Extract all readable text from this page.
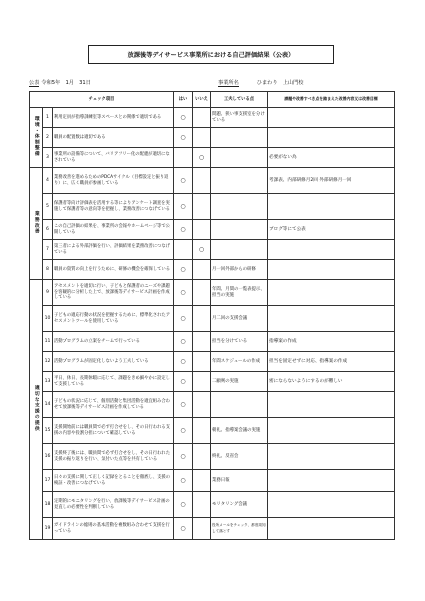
放課後等デイサービス事業所における自己評価結果（公表）
公表 令和5年　1月　31日	事業所名	ひまわり　上山門校
チェック項目			はい	いいえ	工夫している点	課題や改善すべき点を踏まえた改善内容又は改善目標
環境・体制整備	1	利用定員が指導訓練室等スペースとの関係で適切である	○		問題、狭い事支援室を分けている	
	2	職員の配置数は適切である	○			
	3	事業所の設備等について、バリアフリー化の配慮が適切になされている		○		必要がない為
業務改善	4	業務改善を進めるためのPDCAサイクル（目標設定と振り返り）に、広く職員が参画している	○			考課表、内部研修月2回 外部研修月一回
	5	保護者等向け評価表を活用する等によりアンケート調査を実施して保護者等の意向等を把握し、業務改善につなげている	○			
	6	この自己評価の結果を、事業所の会報やホームページ等で公開している	○			ブログ等にて公表
	7	第三者による外部評価を行い、評価結果を業務改善につなげている		○		
	8	職員の資質の向上を行うために、研修の機会を確保している	○		月一回外部からの研修	
適切な支援の提供	9	アセスメントを適切に行い、子どもと保護者のニーズや課題を客観的に分析した上で、放課後等デイサービス計画を作成している	○		年間、月間の一覧表提示、担当の実施	
	10	子どもの適応行動の状況を把握するために、標準化されたアセスメントツールを使用している	○		月二回の支援会議	
	11	活動プログラムの立案をチームで行っている	○		担当を分けている	指導案の作成
	12	活動プログラムが固定化しないよう工夫している	○		年間スケジュールの作成	担当を固定せずに対応、指導案の作成
	13	平日、休日、長期休暇に応じて、課題をきめ細やかに設定して支援している	○		二顧剣の実施	密にならないようにするのが難しい
	14	子どもの状況に応じて、個別活動と集団活動を適宜組み合わせて放課後等デイサービス計画を作成している	○			
	15	支援開始前には職員間で必ず打合せをし、その日行われる支援の内容や役割分担について確認している	○		朝礼、指導案会議の実施	
	16	支援終了後には、職員間で必ず打合せをし、その日行われた支援の振り返りを行い、気付いた点等を共有している	○		終礼、反省会	
	17	日々の支援に関して正しく記録をとることを徹底し、支援の検証・改善につなげている	○		業務日報	
	18	定期的にモニタリングを行い、放課後等デイサービス計画の見直しの必要性を判断している	○		モリタリング会議	
	19	ガイドラインの総則の基本活動を複数組み合わせて支援を行っている	○		役所メールをチェック、都度周知して落とす	
